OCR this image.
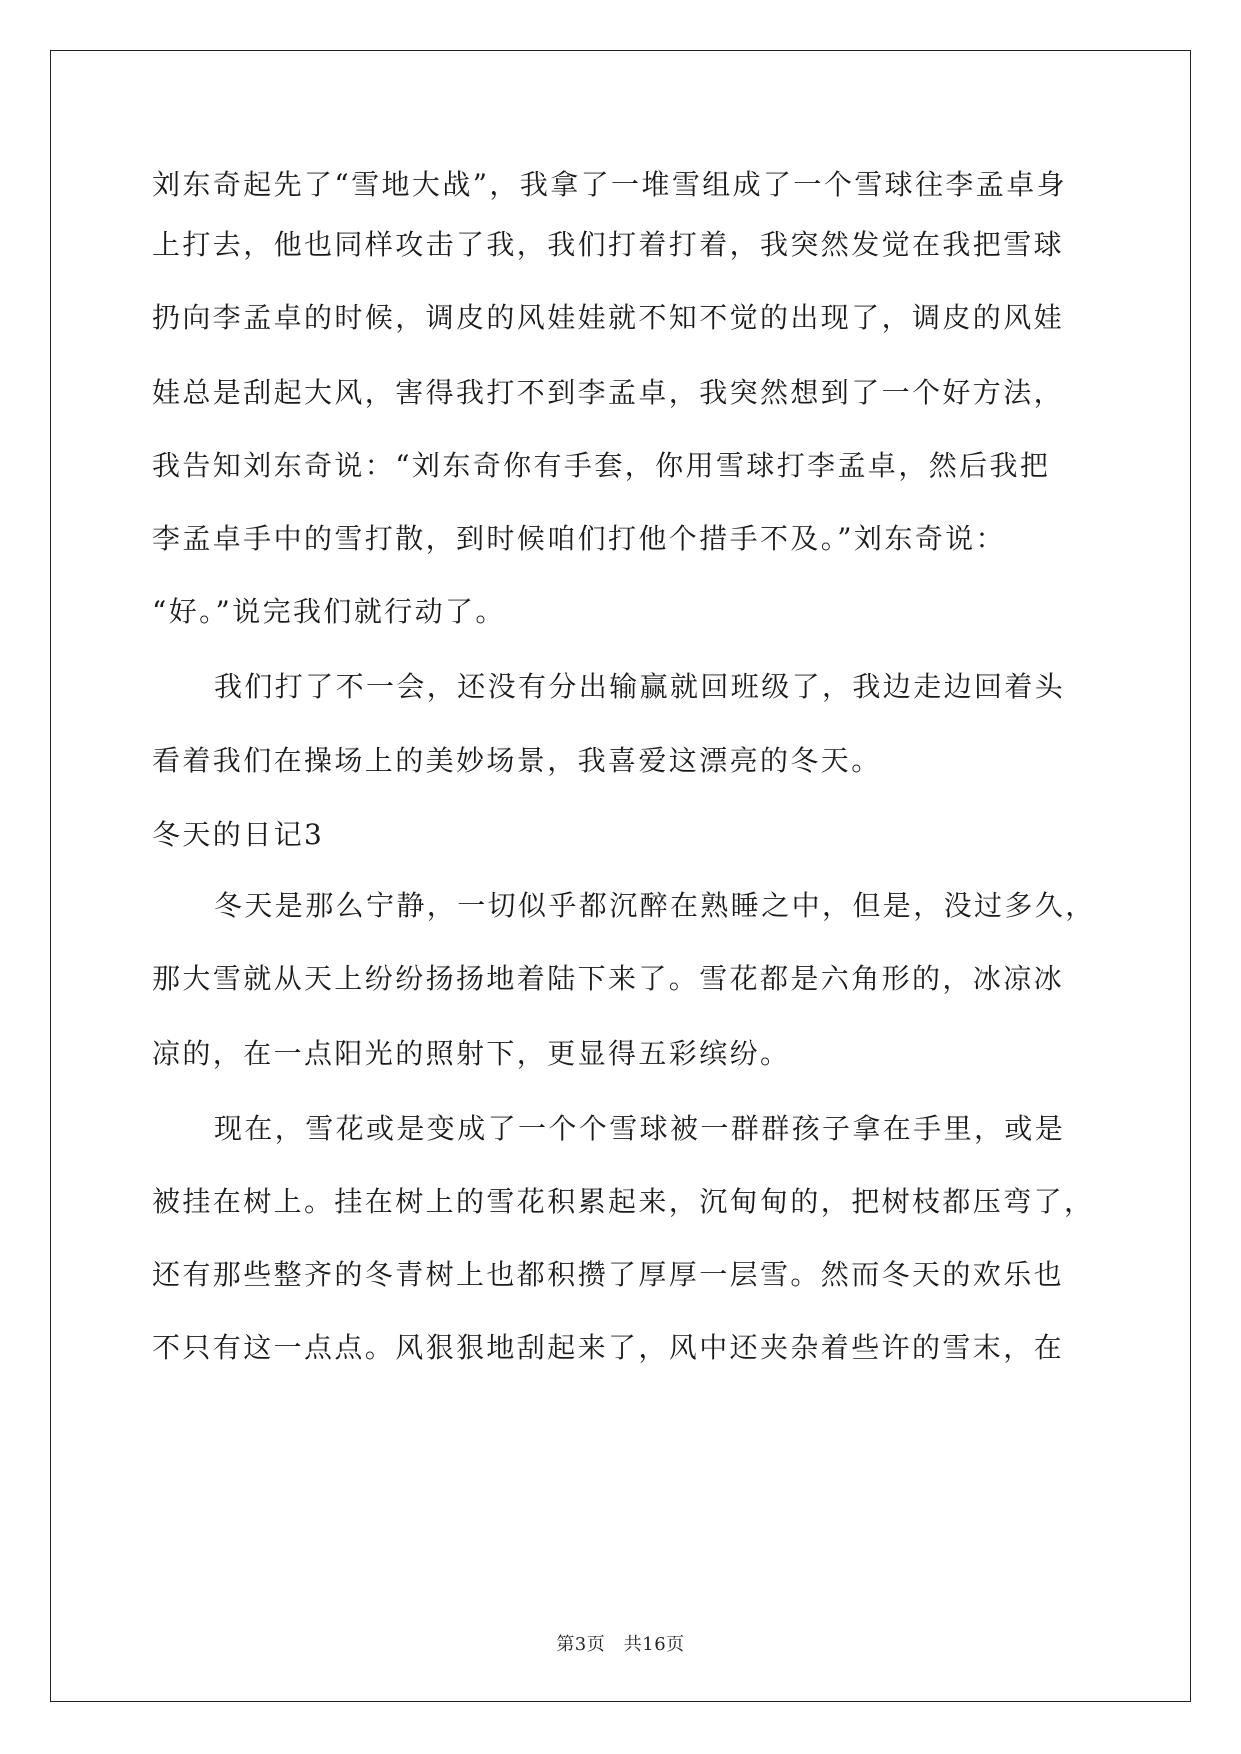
刘东奇起先了“雪地大战”，我拿了一堆雪组成了一个雪球往李孟卓身
上打去，他也同样攻击了我，我们打着打着，我突然发觉在我把雪球
扔向李孟卓的时候，调皮的风娃娃就不知不觉的出现了，调皮的风娃
娃总是刮起大风，害得我打不到李孟卓，我突然想到了一个好方法，
我告知刘东奇说：“刘东奇你有手套，你用雪球打李孟卓，然后我把
李孟卓手中的雪打散，到时候咱们打他个措手不及。”刘东奇说：
“好。”说完我们就行动了。
我们打了不一会，还没有分出输赢就回班级了，我边走边回着头
看着我们在操场上的美妙场景，我喜爱这漂亮的冬天。
冬天的日记3
冬天是那么宁静，一切似乎都沉醉在熟睡之中，但是，没过多久，
那大雪就从天上纷纷扬扬地着陆下来了。雪花都是六角形的，冰凉冰
凉的，在一点阳光的照射下，更显得五彩缤纷。
现在，雪花或是变成了一个个雪球被一群群孩子拿在手里，或是
被挂在树上。挂在树上的雪花积累起来，沉甸甸的，把树枝都压弯了，
还有那些整齐的冬青树上也都积攒了厚厚一层雪。然而冬天的欢乐也
不只有这一点点。风狠狠地刮起来了，风中还夹杂着些许的雪末，在
第3页　共16页
